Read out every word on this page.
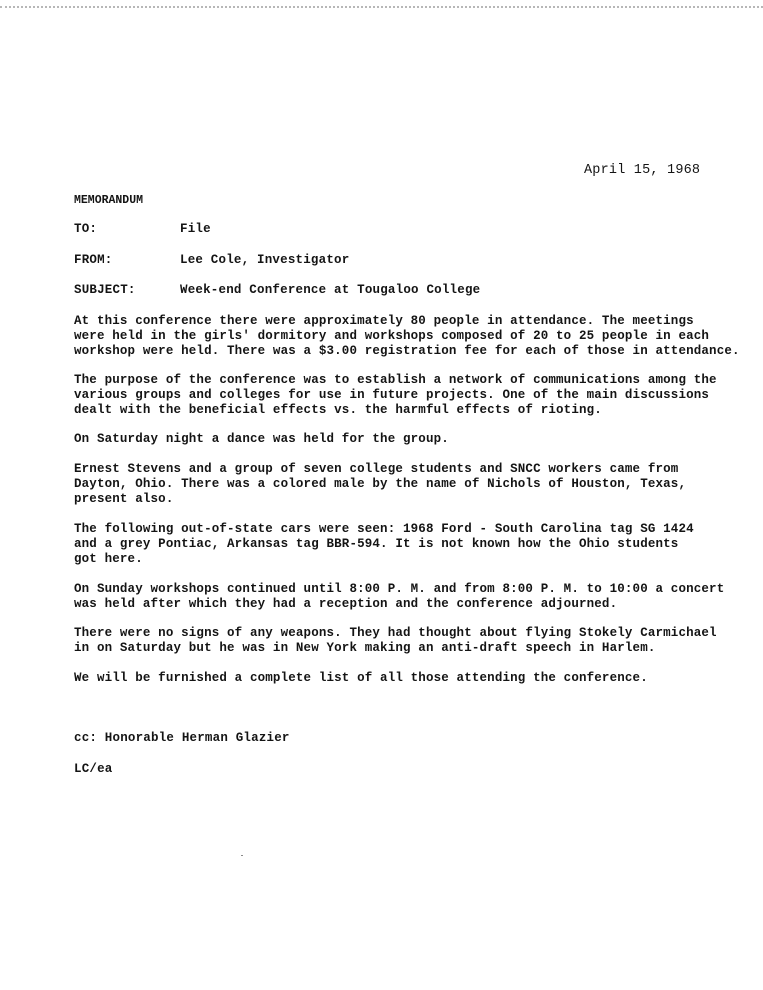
April 15, 1968
MEMORANDUM
TO:	File
FROM:	Lee Cole, Investigator
SUBJECT:	Week-end Conference at Tougaloo College
At this conference there were approximately 80 people in attendance. The meetings
were held in the girls' dormitory and workshops composed of 20 to 25 people in each
workshop were held. There was a $3.00 registration fee for each of those in attendance.
The purpose of the conference was to establish a network of communications among the
various groups and colleges for use in future projects. One of the main discussions
dealt with the beneficial effects vs. the harmful effects of rioting.
On Saturday night a dance was held for the group.
Ernest Stevens and a group of seven college students and SNCC workers came from
Dayton, Ohio. There was a colored male by the name of Nichols of Houston, Texas,
present also.
The following out-of-state cars were seen: 1968 Ford - South Carolina tag SG 1424
and a grey Pontiac, Arkansas tag BBR-594. It is not known how the Ohio students
got here.
On Sunday workshops continued until 8:00 P. M. and from 8:00 P. M. to 10:00 a concert
was held after which they had a reception and the conference adjourned.
There were no signs of any weapons. They had thought about flying Stokely Carmichael
in on Saturday but he was in New York making an anti-draft speech in Harlem.
We will be furnished a complete list of all those attending the conference.
cc: Honorable Herman Glazier
LC/ea
